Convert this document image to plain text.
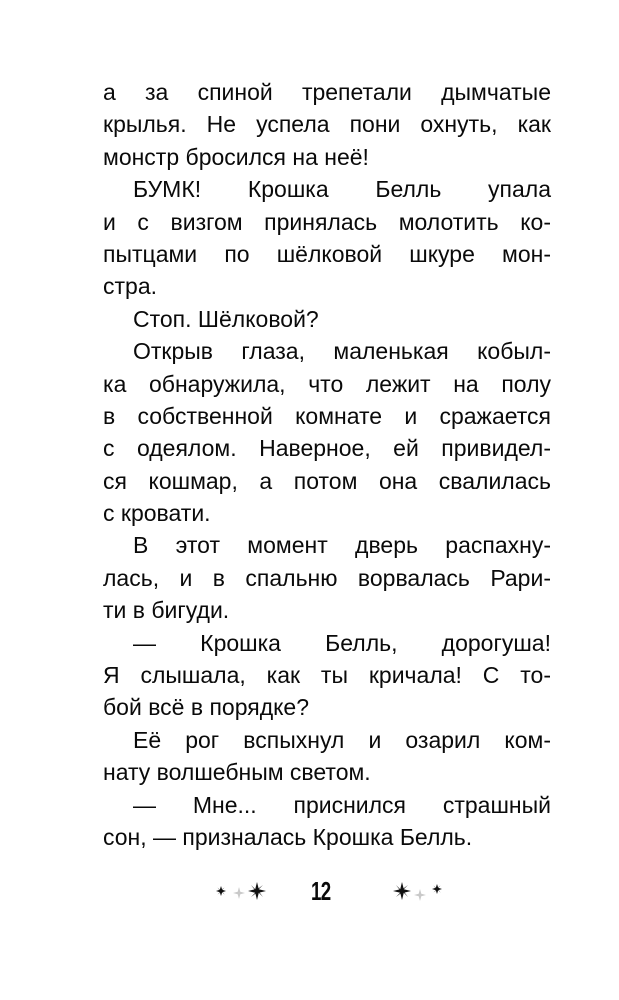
а за спиной трепетали дымчатые
крылья. Не успела пони охнуть, как
монстр бросился на неё!
БУМК! Крошка Белль упала
и с визгом принялась молотить ко-
пытцами по шёлковой шкуре мон-
стра.
Стоп. Шёлковой?
Открыв глаза, маленькая кобыл-
ка обнаружила, что лежит на полу
в собственной комнате и сражается
с одеялом. Наверное, ей привидел-
ся кошмар, а потом она свалилась
с кровати.
В этот момент дверь распахну-
лась, и в спальню ворвалась Рари-
ти в бигуди.
— Крошка Белль, дорогуша!
Я слышала, как ты кричала! С то-
бой всё в порядке?
Её рог вспыхнул и озарил ком-
нату волшебным светом.
— Мне... приснился страшный
сон, — призналась Крошка Белль.
12
